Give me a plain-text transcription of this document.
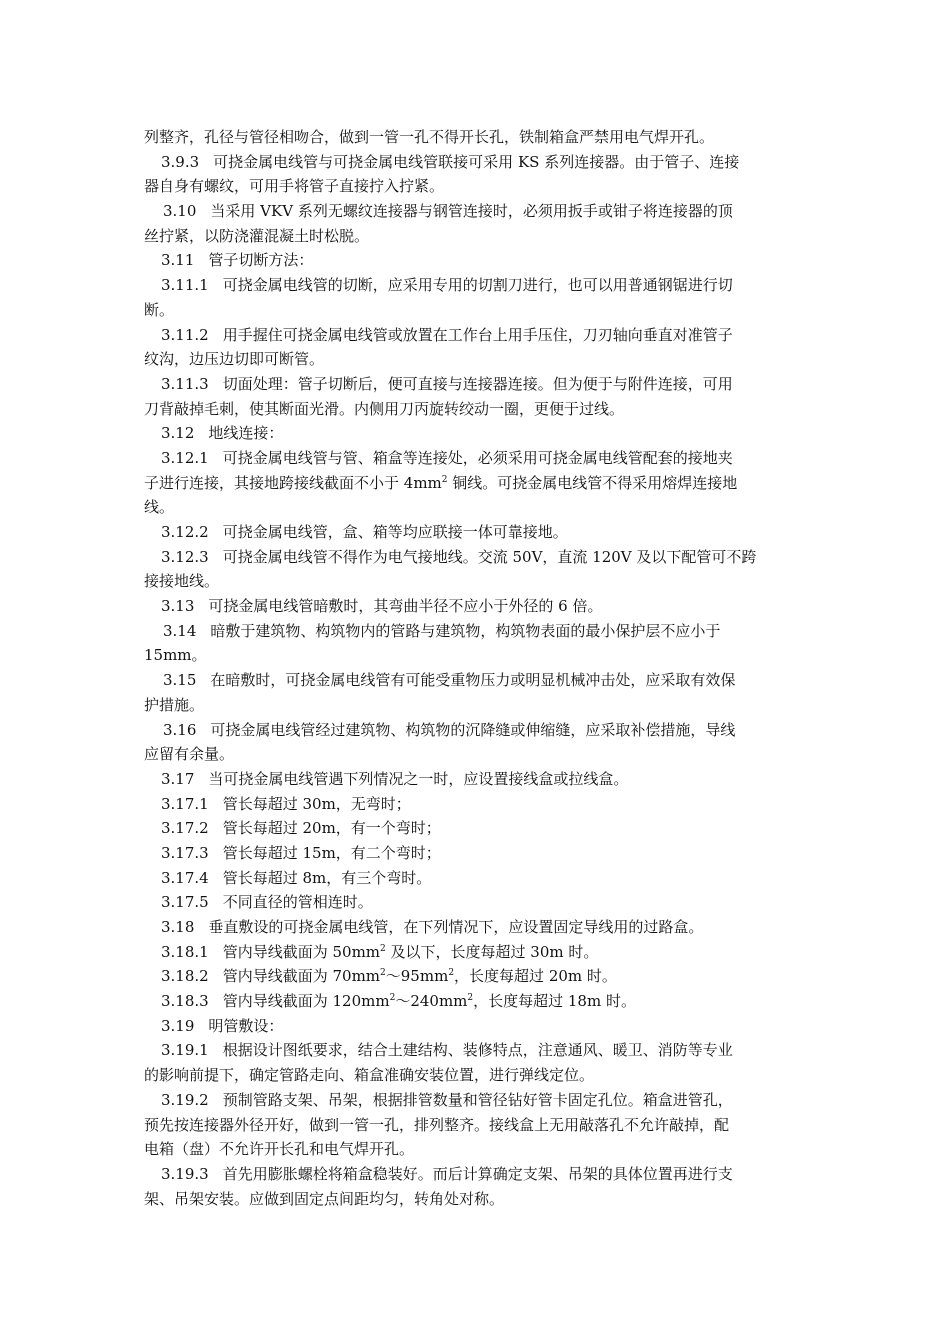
列整齐，孔径与管径相吻合，做到一管一孔不得开长孔，铁制箱盒严禁用电气焊开孔。
3.9.3 可挠金属电线管与可挠金属电线管联接可采用 KS 系列连接器。由于管子、连接
器自身有螺纹，可用手将管子直接拧入拧紧。
3.10 当采用 VKV 系列无螺纹连接器与钢管连接时，必须用扳手或钳子将连接器的顶
丝拧紧，以防浇灌混凝土时松脱。
3.11 管子切断方法：
3.11.1 可挠金属电线管的切断，应采用专用的切割刀进行，也可以用普通钢锯进行切
断。
3.11.2 用手握住可挠金属电线管或放置在工作台上用手压住，刀刃轴向垂直对准管子
纹沟，边压边切即可断管。
3.11.3 切面处理：管子切断后，便可直接与连接器连接。但为便于与附件连接，可用
刀背敲掉毛刺，使其断面光滑。内侧用刀丙旋转绞动一圈，更便于过线。
3.12 地线连接：
3.12.1 可挠金属电线管与管、箱盒等连接处，必须采用可挠金属电线管配套的接地夹
子进行连接，其接地跨接线截面不小于 $4mm^2$ 铜线。可挠金属电线管不得采用熔焊连接地
线。
3.12.2 可挠金属电线管，盒、箱等均应联接一体可靠接地。
3.12.3 可挠金属电线管不得作为电气接地线。交流 50V，直流 120V 及以下配管可不跨
接接地线。
3.13 可挠金属电线管暗敷时，其弯曲半径不应小于外径的 6 倍。
3.14 暗敷于建筑物、构筑物内的管路与建筑物，构筑物表面的最小保护层不应小于
15mm。
3.15 在暗敷时，可挠金属电线管有可能受重物压力或明显机械冲击处，应采取有效保
护措施。
3.16 可挠金属电线管经过建筑物、构筑物的沉降缝或伸缩缝，应采取补偿措施，导线
应留有余量。
3.17 当可挠金属电线管遇下列情况之一时，应设置接线盒或拉线盒。
3.17.1 管长每超过 30m，无弯时；
3.17.2 管长每超过 20m，有一个弯时；
3.17.3 管长每超过 15m，有二个弯时；
3.17.4 管长每超过 8m，有三个弯时。
3.17.5 不同直径的管相连时。
3.18 垂直敷设的可挠金属电线管，在下列情况下，应设置固定导线用的过路盒。
3.18.1 管内导线截面为 $50mm^2$ 及以下，长度每超过 30m 时。
3.18.2 管内导线截面为 $70mm^2\sim 95mm^2$，长度每超过 20m 时。
3.18.3 管内导线截面为 $120mm^2\sim 240mm^2$，长度每超过 18m 时。
3.19 明管敷设：
3.19.1 根据设计图纸要求，结合土建结构、装修特点，注意通风、暖卫、消防等专业
的影响前提下，确定管路走向、箱盒准确安装位置，进行弹线定位。
3.19.2 预制管路支架、吊架，根据排管数量和管径钻好管卡固定孔位。箱盒进管孔，
预先按连接器外径开好，做到一管一孔，排列整齐。接线盒上无用敲落孔不允许敲掉，配
电箱（盘）不允许开长孔和电气焊开孔。
3.19.3 首先用膨胀螺栓将箱盒稳装好。而后计算确定支架、吊架的具体位置再进行支
架、吊架安装。应做到固定点间距均匀，转角处对称。
